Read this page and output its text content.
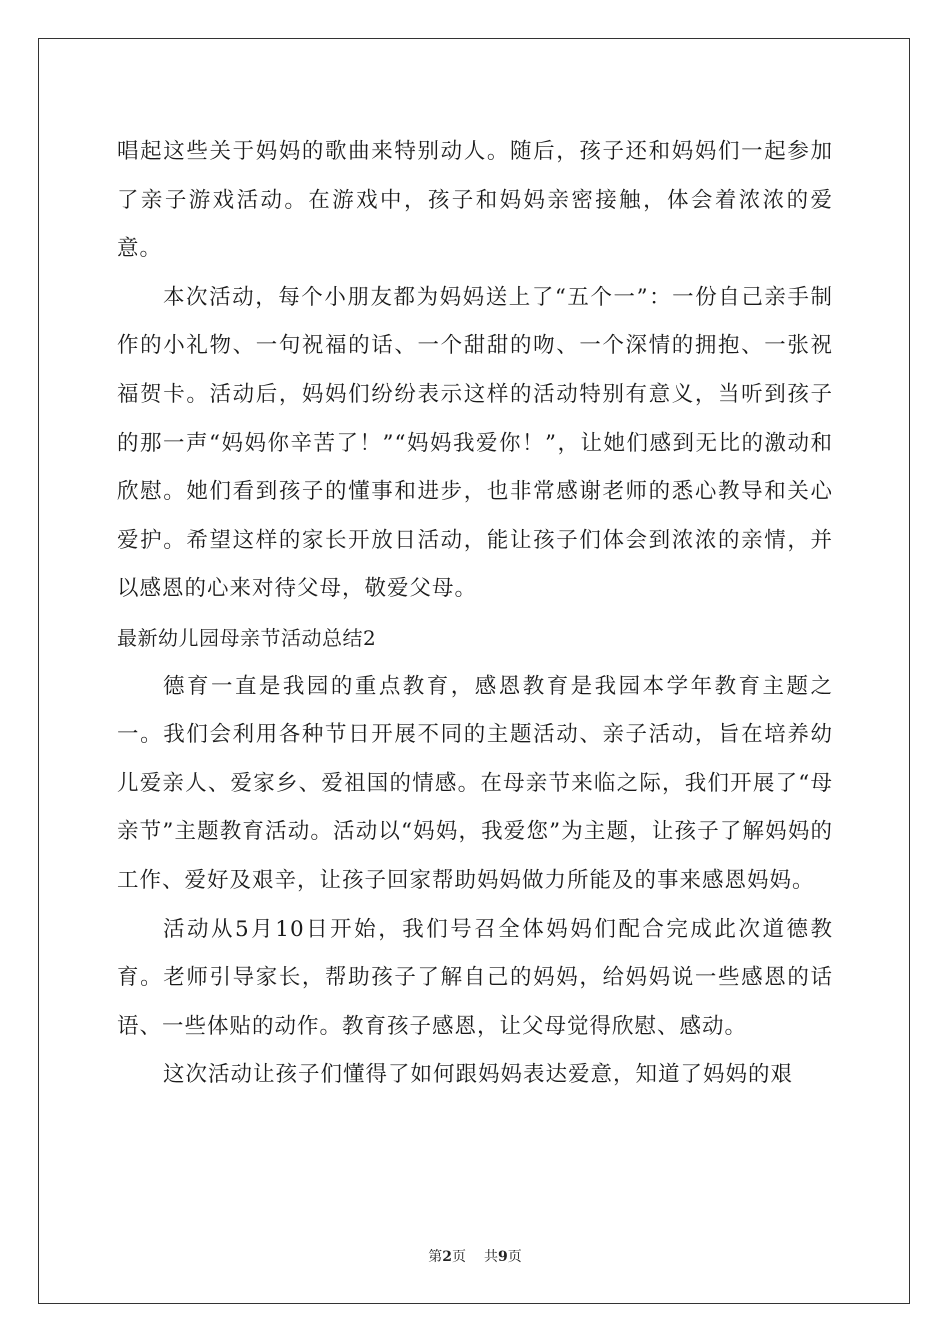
唱起这些关于妈妈的歌曲来特别动人。随后，孩子还和妈妈们一起参加了亲子游戏活动。在游戏中，孩子和妈妈亲密接触，体会着浓浓的爱意。

本次活动，每个小朋友都为妈妈送上了“五个一”：一份自己亲手制作的小礼物、一句祝福的话、一个甜甜的吻、一个深情的拥抱、一张祝福贺卡。活动后，妈妈们纷纷表示这样的活动特别有意义，当听到孩子的那一声“妈妈你辛苦了！”“妈妈我爱你！”，让她们感到无比的激动和欣慰。她们看到孩子的懂事和进步，也非常感谢老师的悉心教导和关心爱护。希望这样的家长开放日活动，能让孩子们体会到浓浓的亲情，并以感恩的心来对待父母，敬爱父母。

最新幼儿园母亲节活动总结2

德育一直是我园的重点教育，感恩教育是我园本学年教育主题之一。我们会利用各种节日开展不同的主题活动、亲子活动，旨在培养幼儿爱亲人、爱家乡、爱祖国的情感。在母亲节来临之际，我们开展了“母亲节”主题教育活动。活动以“妈妈，我爱您”为主题，让孩子了解妈妈的工作、爱好及艰辛，让孩子回家帮助妈妈做力所能及的事来感恩妈妈。

活动从5月10日开始，我们号召全体妈妈们配合完成此次道德教育。老师引导家长，帮助孩子了解自己的妈妈，给妈妈说一些感恩的话语、一些体贴的动作。教育孩子感恩，让父母觉得欣慰、感动。

这次活动让孩子们懂得了如何跟妈妈表达爱意，知道了妈妈的艰

第2页 共9页
